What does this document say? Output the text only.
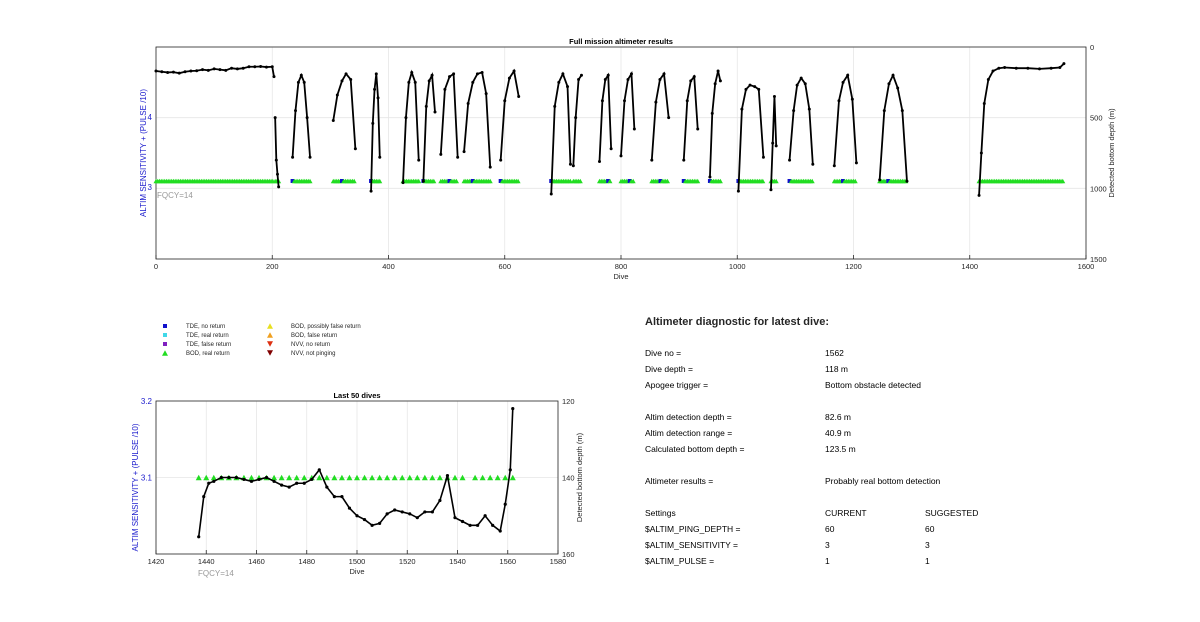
0	200	400	600	800	1000	1200	1400	1600
0
500
1000
1500
4
3
Full mission altimeter results
Dive
ALTIM SENSITIVITY + (PULSE /10)	Detected bottom depth (m)
FQCY=14
TDE, no return
TDE, real return
TDE, false return
BOD, real return
BOD, possibly false return
BOD, false return
NVV, no return
NVV, not pinging
1420	1440	1460	1480	1500	1520	1540	1560	1580
3.2
3.1
120
140
160
Last 50 dives
Dive
ALTIM SENSITIVITY + (PULSE /10)	Detected bottom depth (m)
FQCY=14
Altimeter diagnostic for latest dive:
Dive no =	1562
Dive depth =	118 m
Apogee trigger =	Bottom obstacle detected
Altim detection depth =	82.6 m
Altim detection range =	40.9 m
Calculated bottom depth =	123.5 m
Altimeter results =	Probably real bottom detection
Settings	CURRENT	SUGGESTED
$ALTIM_PING_DEPTH =	60	60
$ALTIM_SENSITIVITY =	3	3
$ALTIM_PULSE =	1	1
